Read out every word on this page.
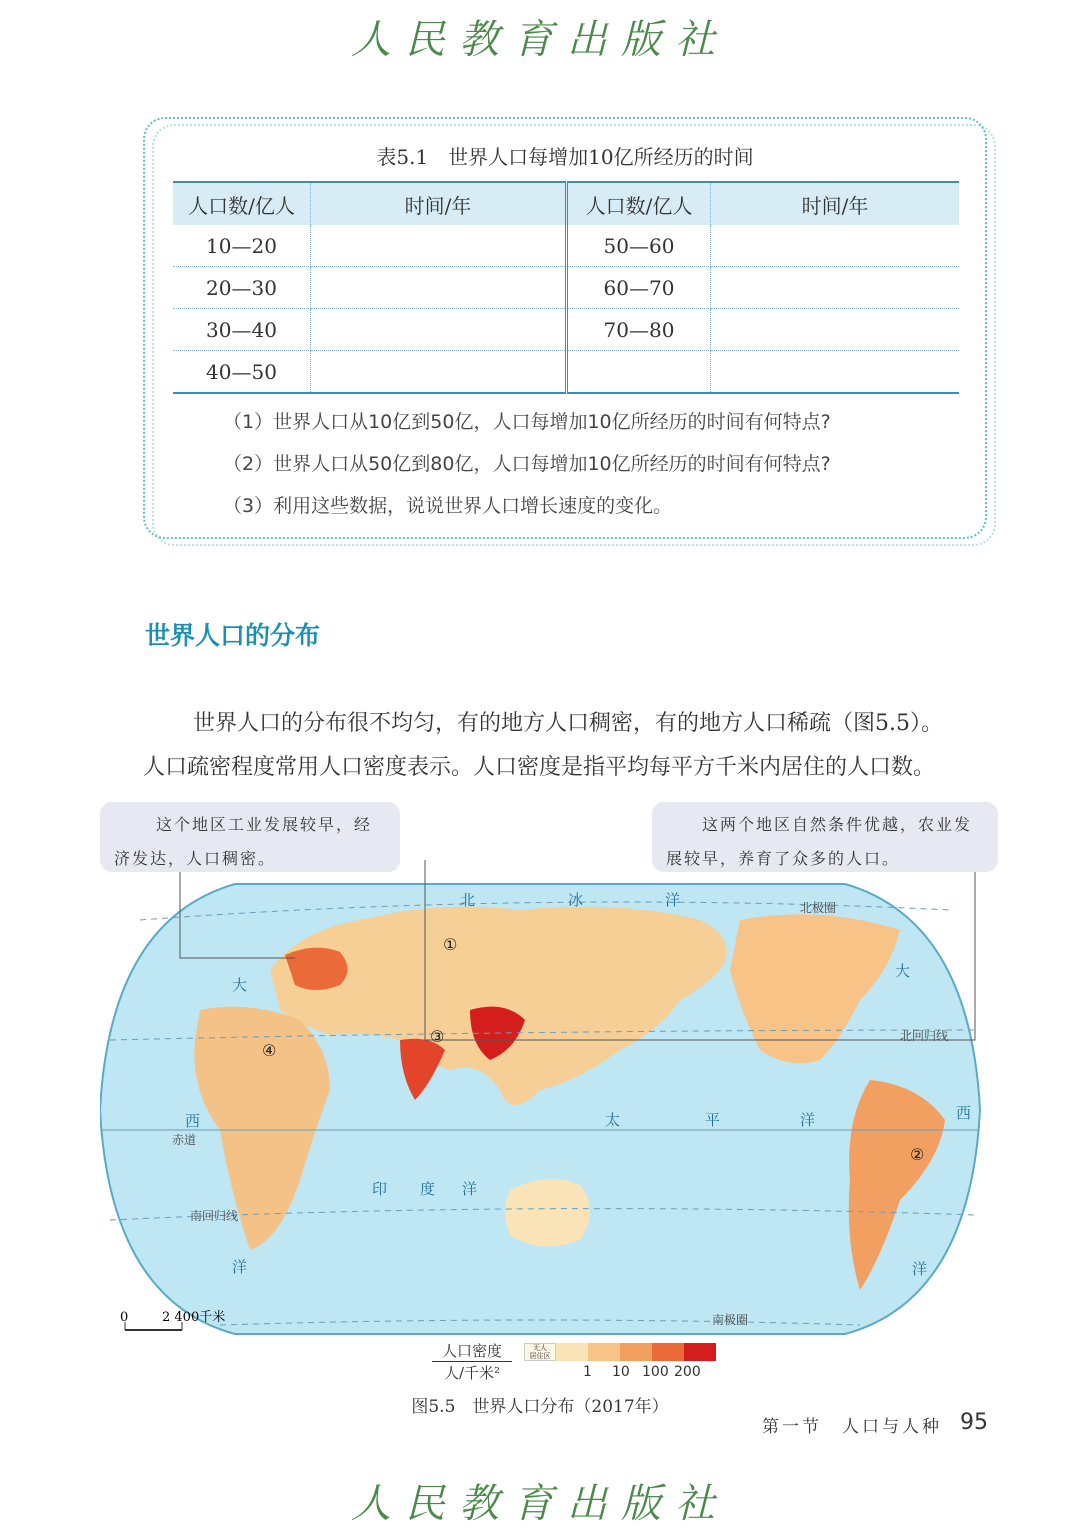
人民教育出版社
表5.1　世界人口每增加10亿所经历的时间
人口数/亿人	时间/年	人口数/亿人	时间/年
10—20		50—60	
20—30		60—70	
30—40		70—80	
40—50			
（1）世界人口从10亿到50亿，人口每增加10亿所经历的时间有何特点?
（2）世界人口从50亿到80亿，人口每增加10亿所经历的时间有何特点?
（3）利用这些数据，说说世界人口增长速度的变化。
世界人口的分布
世界人口的分布很不均匀，有的地方人口稠密，有的地方人口稀疏（图5.5）。
人口疏密程度常用人口密度表示。人口密度是指平均每平方千米内居住的人口数。
北	冰	洋
太	平	洋
印 度 洋
大
西
洋
大
西
洋
北极圈
北回归线
赤道
南回归线
南极圈
①
②
③
④
0	2 400千米
这个地区工业发展较早，经
济发达，人口稠密。
这两个地区自然条件优越，农业发
展较早，养育了众多的人口。
人口密度
人/千米²
无人
居住区
1 10 100 200
图5.5　世界人口分布（2017年）
第一节　人口与人种 95
人民教育出版社
